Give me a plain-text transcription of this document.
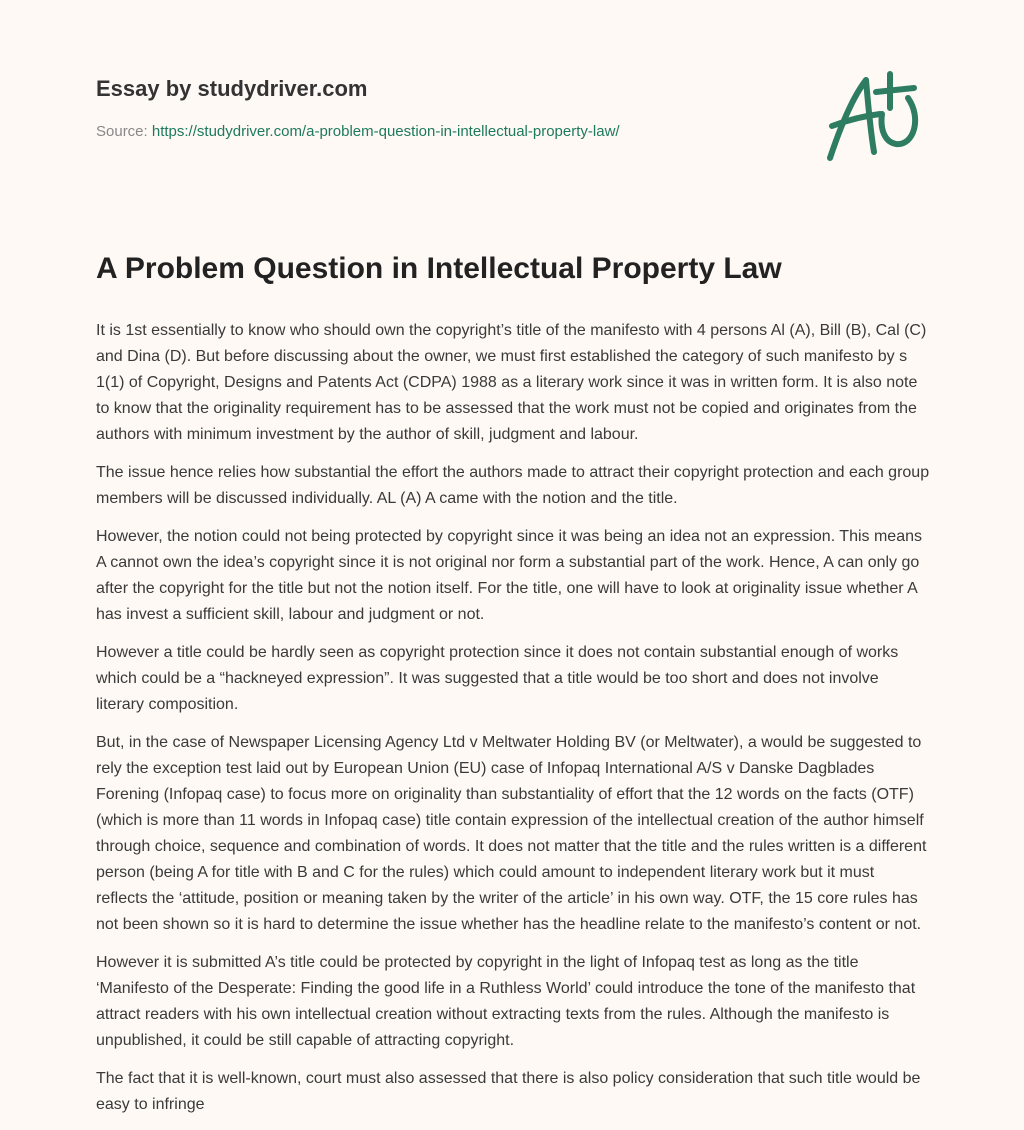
Essay by studydriver.com
Source: https://studydriver.com/a-problem-question-in-intellectual-property-law/
A Problem Question in Intellectual Property Law

It is 1st essentially to know who should own the copyright’s title of the manifesto with 4 persons Al (A), Bill (B), Cal (C) and Dina (D). But before discussing about the owner, we must first established the category of such manifesto by s 1(1) of Copyright, Designs and Patents Act (CDPA) 1988 as a literary work since it was in written form. It is also note to know that the originality requirement has to be assessed that the work must not be copied and originates from the authors with minimum investment by the author of skill, judgment and labour.

The issue hence relies how substantial the effort the authors made to attract their copyright protection and each group members will be discussed individually. AL (A) A came with the notion and the title.

However, the notion could not being protected by copyright since it was being an idea not an expression. This means A cannot own the idea’s copyright since it is not original nor form a substantial part of the work. Hence, A can only go after the copyright for the title but not the notion itself. For the title, one will have to look at originality issue whether A has invest a sufficient skill, labour and judgment or not.

However a title could be hardly seen as copyright protection since it does not contain substantial enough of works which could be a “hackneyed expression”. It was suggested that a title would be too short and does not involve literary composition.

But, in the case of Newspaper Licensing Agency Ltd v Meltwater Holding BV (or Meltwater), a would be suggested to rely the exception test laid out by European Union (EU) case of Infopaq International A/S v Danske Dagblades Forening (Infopaq case) to focus more on originality than substantiality of effort that the 12 words on the facts (OTF) (which is more than 11 words in Infopaq case) title contain expression of the intellectual creation of the author himself through choice, sequence and combination of words. It does not matter that the title and the rules written is a different person (being A for title with B and C for the rules) which could amount to independent literary work but it must reflects the ‘attitude, position or meaning taken by the writer of the article’ in his own way. OTF, the 15 core rules has not been shown so it is hard to determine the issue whether has the headline relate to the manifesto’s content or not.

However it is submitted A’s title could be protected by copyright in the light of Infopaq test as long as the title ‘Manifesto of the Desperate: Finding the good life in a Ruthless World’ could introduce the tone of the manifesto that attract readers with his own intellectual creation without extracting texts from the rules. Although the manifesto is unpublished, it could be still capable of attracting copyright.

The fact that it is well-known, court must also assessed that there is also policy consideration that such title would be easy to infringe
